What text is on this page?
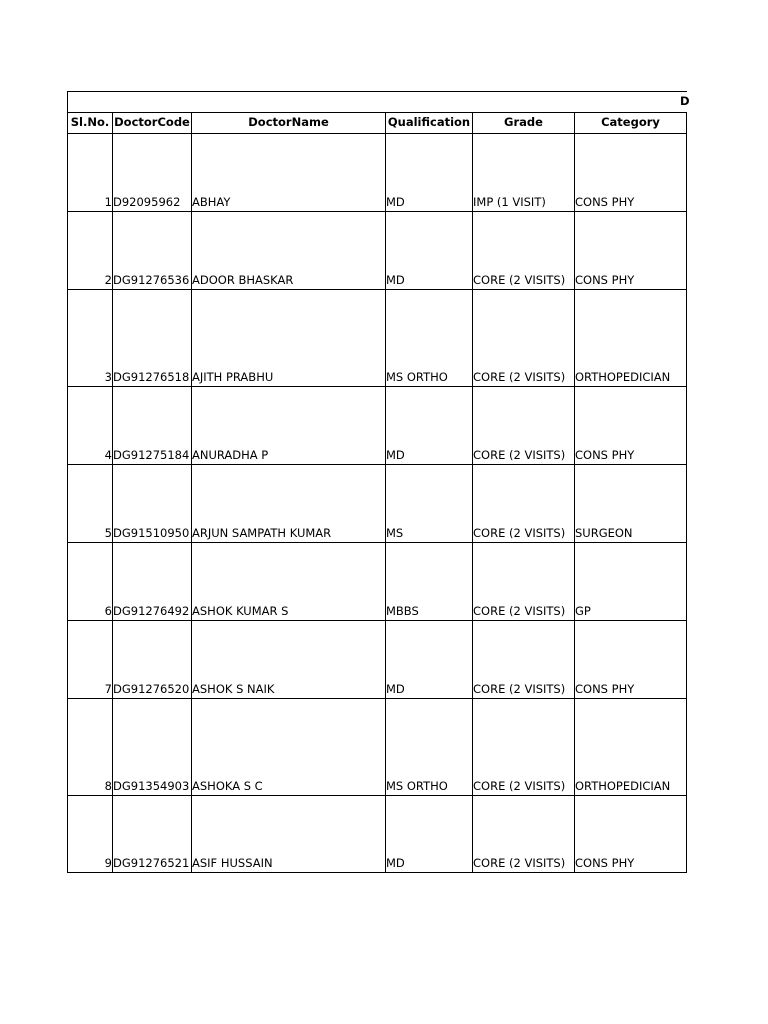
D					
Sl.No.	DoctorCode	DoctorName	Qualification	Grade	Category
1	D92095962	ABHAY	MD	IMP (1 VISIT)	CONS PHY
2	DG91276536	ADOOR BHASKAR	MD	CORE (2 VISITS)	CONS PHY
3	DG91276518	AJITH PRABHU	MS ORTHO	CORE (2 VISITS)	ORTHOPEDICIAN
4	DG91275184	ANURADHA P	MD	CORE (2 VISITS)	CONS PHY
5	DG91510950	ARJUN SAMPATH KUMAR	MS	CORE (2 VISITS)	SURGEON
6	DG91276492	ASHOK KUMAR S	MBBS	CORE (2 VISITS)	GP
7	DG91276520	ASHOK S NAIK	MD	CORE (2 VISITS)	CONS PHY
8	DG91354903	ASHOKA S C	MS ORTHO	CORE (2 VISITS)	ORTHOPEDICIAN
9	DG91276521	ASIF HUSSAIN	MD	CORE (2 VISITS)	CONS PHY
